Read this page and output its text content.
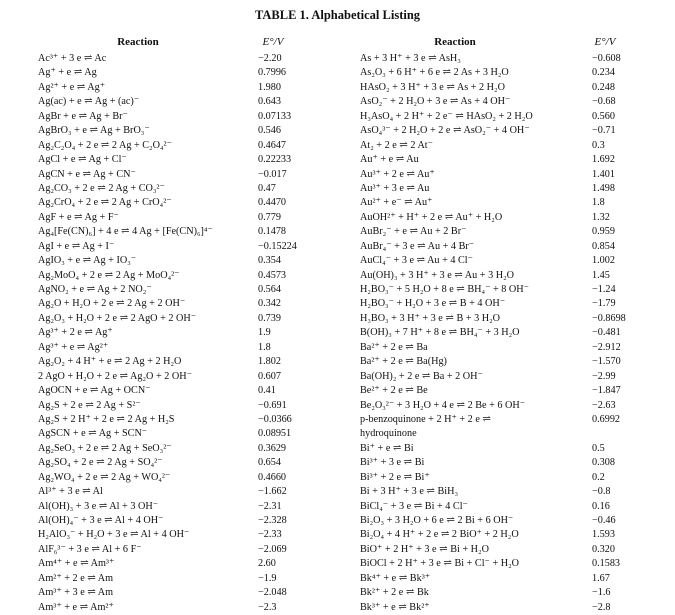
TABLE 1. Alphabetical Listing
Reaction	E°/V
Ac³⁺ + 3 e ⇌ Ac	−2.20
Ag⁺ + e ⇌ Ag	0.7996
Ag²⁺ + e ⇌ Ag⁺	1.980
Ag(ac) + e ⇌ Ag + (ac)⁻	0.643
AgBr + e ⇌ Ag + Br⁻	0.07133
AgBrO₃ + e ⇌ Ag + BrO₃⁻	0.546
Ag₂C₂O₄ + 2 e ⇌ 2 Ag + C₂O₄²⁻	0.4647
AgCl + e ⇌ Ag + Cl⁻	0.22233
AgCN + e ⇌ Ag + CN⁻	−0.017
Ag₂CO₃ + 2 e ⇌ 2 Ag + CO₃²⁻	0.47
Ag₂CrO₄ + 2 e ⇌ 2 Ag + CrO₄²⁻	0.4470
AgF + e ⇌ Ag + F⁻	0.779
Ag₄[Fe(CN)₆] + 4 e ⇌ 4 Ag + [Fe(CN)₆]⁴⁻	0.1478
AgI + e ⇌ Ag + I⁻	−0.15224
AgIO₃ + e ⇌ Ag + IO₃⁻	0.354
Ag₂MoO₄ + 2 e ⇌ 2 Ag + MoO₄²⁻	0.4573
AgNO₂ + e ⇌ Ag + 2 NO₂⁻	0.564
Ag₂O + H₂O + 2 e ⇌ 2 Ag + 2 OH⁻	0.342
Ag₂O₃ + H₂O + 2 e ⇌ 2 AgO + 2 OH⁻	0.739
Ag³⁺ + 2 e ⇌ Ag⁺	1.9
Ag³⁺ + e ⇌ Ag²⁺	1.8
Ag₂O₂ + 4 H⁺ + e ⇌ 2 Ag + 2 H₂O	1.802
2 AgO + H₂O + 2 e ⇌ Ag₂O + 2 OH⁻	0.607
AgOCN + e ⇌ Ag + OCN⁻	0.41
Ag₂S + 2 e ⇌ 2 Ag + S²⁻	−0.691
Ag₂S + 2 H⁺ + 2 e ⇌ 2 Ag + H₂S	−0.0366
AgSCN + e ⇌ Ag + SCN⁻	0.08951
Ag₂SeO₃ + 2 e ⇌ 2 Ag + SeO₃²⁻	0.3629
Ag₂SO₄ + 2 e ⇌ 2 Ag + SO₄²⁻	0.654
Ag₂WO₄ + 2 e ⇌ 2 Ag + WO₄²⁻	0.4660
Al³⁺ + 3 e ⇌ Al	−1.662
Al(OH)₃ + 3 e ⇌ Al + 3 OH⁻	−2.31
Al(OH)₄⁻ + 3 e ⇌ Al + 4 OH⁻	−2.328
H₂AlO₃⁻ + H₂O + 3 e ⇌ Al + 4 OH⁻	−2.33
AlF₆³⁻ + 3 e ⇌ Al + 6 F⁻	−2.069
Am⁴⁺ + e ⇌ Am³⁺	2.60
Am²⁺ + 2 e ⇌ Am	−1.9
Am³⁺ + 3 e ⇌ Am	−2.048
Am³⁺ + e ⇌ Am²⁺	−2.3
Reaction	E°/V
As + 3 H⁺ + 3 e ⇌ AsH₃	−0.608
As₂O₃ + 6 H⁺ + 6 e ⇌ 2 As + 3 H₂O	0.234
HAsO₂ + 3 H⁺ + 3 e ⇌ As + 2 H₂O	0.248
AsO₂⁻ + 2 H₂O + 3 e ⇌ As + 4 OH⁻	−0.68
H₃AsO₄ + 2 H⁺ + 2 e⁻ ⇌ HAsO₂ + 2 H₂O	0.560
AsO₄³⁻ + 2 H₂O + 2 e ⇌ AsO₂⁻ + 4 OH⁻	−0.71
At₂ + 2 e ⇌ 2 At⁻	0.3
Au⁺ + e ⇌ Au	1.692
Au³⁺ + 2 e ⇌ Au⁺	1.401
Au³⁺ + 3 e ⇌ Au	1.498
Au²⁺ + e⁻ ⇌ Au⁺	1.8
AuOH²⁺ + H⁺ + 2 e ⇌ Au⁺ + H₂O	1.32
AuBr₂⁻ + e ⇌ Au + 2 Br⁻	0.959
AuBr₄⁻ + 3 e ⇌ Au + 4 Br⁻	0.854
AuCl₄⁻ + 3 e ⇌ Au + 4 Cl⁻	1.002
Au(OH)₃ + 3 H⁺ + 3 e ⇌ Au + 3 H₂O	1.45
H₂BO₃⁻ + 5 H₂O + 8 e ⇌ BH₄⁻ + 8 OH⁻	−1.24
H₂BO₃⁻ + H₂O + 3 e ⇌ B + 4 OH⁻	−1.79
H₃BO₃ + 3 H⁺ + 3 e ⇌ B + 3 H₂O	−0.8698
B(OH)₃ + 7 H⁺ + 8 e ⇌ BH₄⁻ + 3 H₂O	−0.481
Ba²⁺ + 2 e ⇌ Ba	−2.912
Ba²⁺ + 2 e ⇌ Ba(Hg)	−1.570
Ba(OH)₂ + 2 e ⇌ Ba + 2 OH⁻	−2.99
Be²⁺ + 2 e ⇌ Be	−1.847
Be₂O₃²⁻ + 3 H₂O + 4 e ⇌ 2 Be + 6 OH⁻	−2.63
p-benzoquinone + 2 H⁺ + 2 e ⇌	0.6992
hydroquinone
Bi⁺ + e ⇌ Bi	0.5
Bi³⁺ + 3 e ⇌ Bi	0.308
Bi³⁺ + 2 e ⇌ Bi⁺	0.2
Bi + 3 H⁺ + 3 e ⇌ BiH₃	−0.8
BiCl₄⁻ + 3 e ⇌ Bi + 4 Cl⁻	0.16
Bi₂O₃ + 3 H₂O + 6 e ⇌ 2 Bi + 6 OH⁻	−0.46
Bi₂O₄ + 4 H⁺ + 2 e ⇌ 2 BiO⁺ + 2 H₂O	1.593
BiO⁺ + 2 H⁺ + 3 e ⇌ Bi + H₂O	0.320
BiOCl + 2 H⁺ + 3 e ⇌ Bi + Cl⁻ + H₂O	0.1583
Bk⁴⁺ + e ⇌ Bk³⁺	1.67
Bk²⁺ + 2 e ⇌ Bk	−1.6
Bk³⁺ + e ⇌ Bk²⁺	−2.8
